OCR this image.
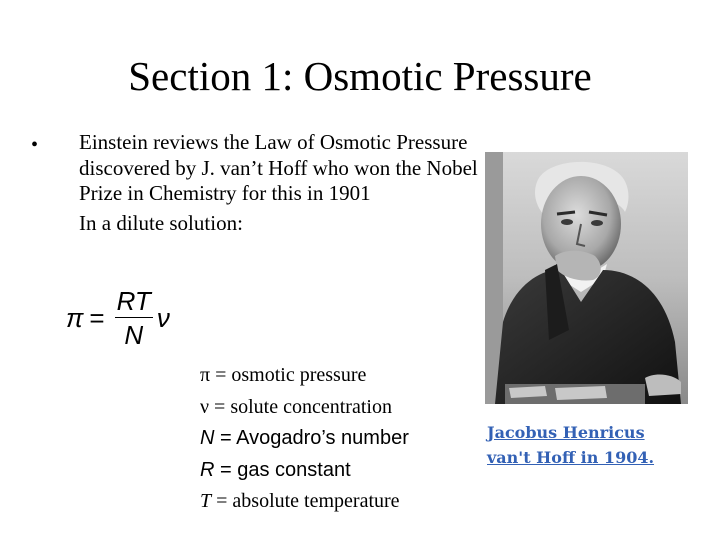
Section 1: Osmotic Pressure
• Einstein reviews the Law of Osmotic Pressure discovered by J. van’t Hoff who won the Nobel Prize in Chemistry for this in 1901
In a dilute solution:
$\pi = \frac{RT}{N}$ ν
π = osmotic pressure
ν = solute concentration
N = Avogadro’s number
R = gas constant
T = absolute temperature
Jacobus Henricus
van't Hoff in 1904.
